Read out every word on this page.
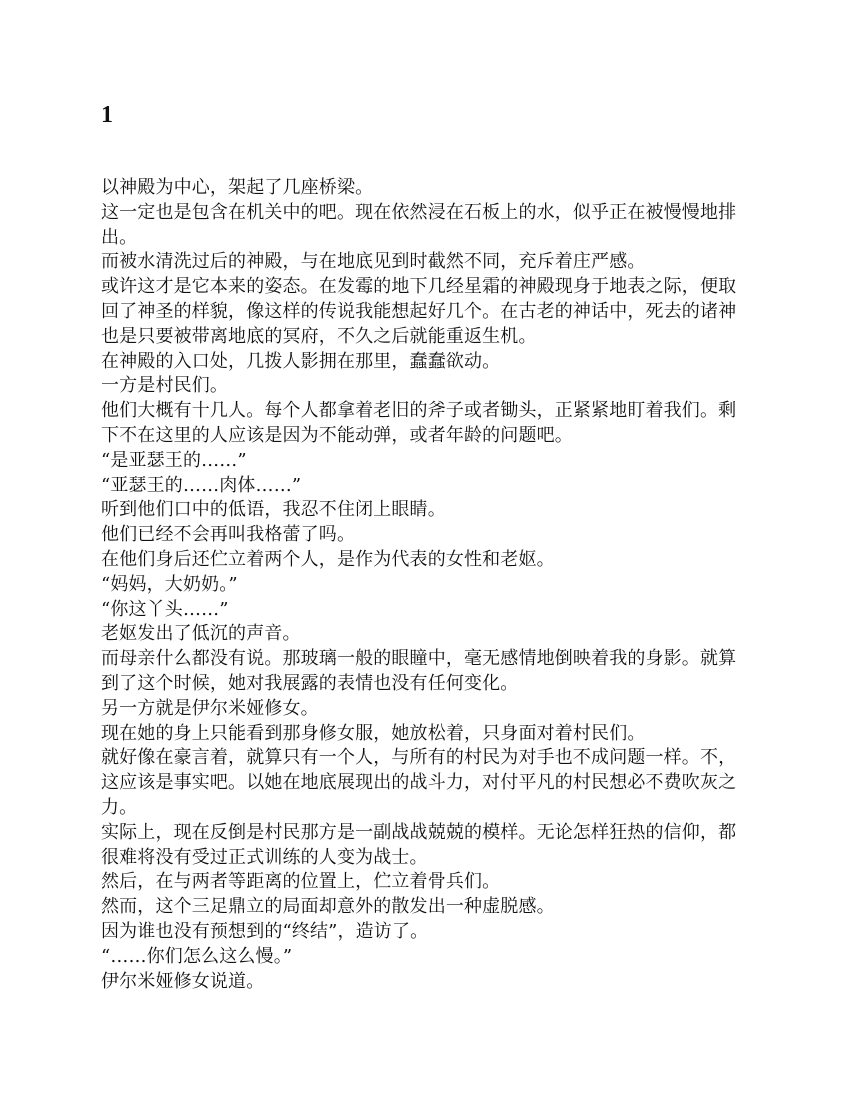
1

以神殿为中心，架起了几座桥梁。

这一定也是包含在机关中的吧。现在依然浸在石板上的水，似乎正在被慢慢地排出。

而被水清洗过后的神殿，与在地底见到时截然不同，充斥着庄严感。

或许这才是它本来的姿态。在发霉的地下几经星霜的神殿现身于地表之际，便取回了神圣的样貌，像这样的传说我能想起好几个。在古老的神话中，死去的诸神也是只要被带离地底的冥府，不久之后就能重返生机。

在神殿的入口处，几拨人影拥在那里，蠢蠢欲动。

一方是村民们。

他们大概有十几人。每个人都拿着老旧的斧子或者锄头，正紧紧地盯着我们。剩下不在这里的人应该是因为不能动弹，或者年龄的问题吧。

“是亚瑟王的……”

“亚瑟王的……肉体……”

听到他们口中的低语，我忍不住闭上眼睛。

他们已经不会再叫我格蕾了吗。

在他们身后还伫立着两个人，是作为代表的女性和老妪。

“妈妈，大奶奶。”

“你这丫头……”

老妪发出了低沉的声音。

而母亲什么都没有说。那玻璃一般的眼瞳中，毫无感情地倒映着我的身影。就算到了这个时候，她对我展露的表情也没有任何变化。

另一方就是伊尔米娅修女。

现在她的身上只能看到那身修女服，她放松着，只身面对着村民们。

就好像在豪言着，就算只有一个人，与所有的村民为对手也不成问题一样。不，这应该是事实吧。以她在地底展现出的战斗力，对付平凡的村民想必不费吹灰之力。

实际上，现在反倒是村民那方是一副战战兢兢的模样。无论怎样狂热的信仰，都很难将没有受过正式训练的人变为战士。

然后，在与两者等距离的位置上，伫立着骨兵们。

然而，这个三足鼎立的局面却意外的散发出一种虚脱感。

因为谁也没有预想到的“终结”，造访了。

“……你们怎么这么慢。”

伊尔米娅修女说道。
